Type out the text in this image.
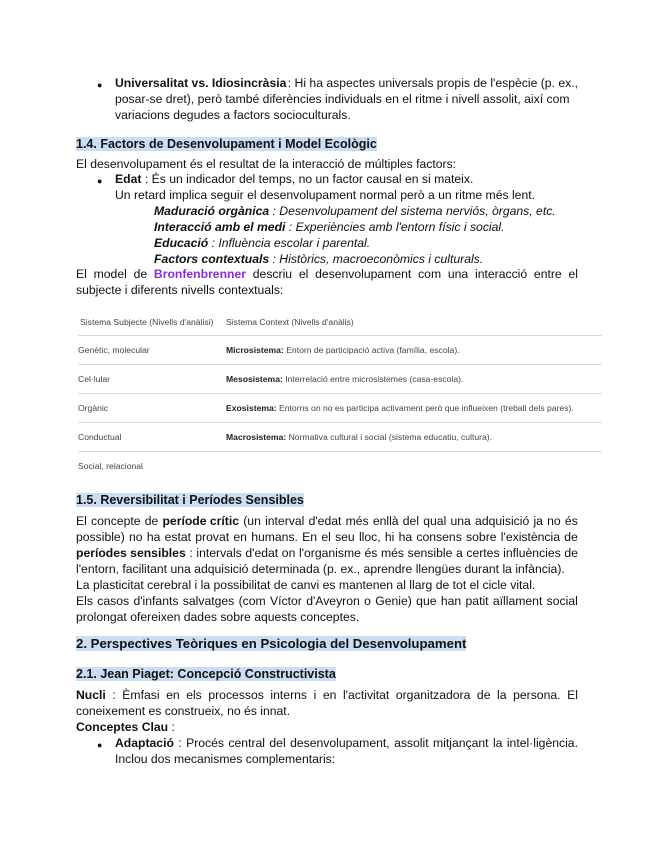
● Universalitat vs. Idiosincràsia : Hi ha aspectes universals propis de l'espècie (p. ex.,
posar-se dret), però també diferències individuals en el ritme i nivell assolit, així com
variacions degudes a factors socioculturals.
1.4. Factors de Desenvolupament i Model Ecològic
El desenvolupament és el resultat de la interacció de múltiples factors:
● Edat : És un indicador del temps, no un factor causal en si mateix.
Un retard implica seguir el desenvolupament normal però a un ritme més lent.
Maduració orgànica : Desenvolupament del sistema nerviós, òrgans, etc.
Interacció amb el medi : Experiències amb l'entorn físic i social.
Educació : Influència escolar i parental.
Factors contextuals : Històrics, macroeconòmics i culturals.
El model de Bronfenbrenner descriu el desenvolupament com una interacció entre el
subjecte i diferents nivells contextuals:
Sistema Subjecte (Nivells d'anàlisi) Sistema Context (Nivells d'anàlis)
Genètic, molecular	Microsistema: Entorn de participació activa (família, escola).
Cel·lular	Mesosistema: Interrelació entre microsistemes (casa-escola).
Orgànic	Exosistema: Entorns on no es participa activament però que influeixen (treball dels pares).
Conductual	Macrosistema: Normativa cultural i social (sistema educatiu, cultura).
Social, relacional
1.5. Reversibilitat i Períodes Sensibles
El concepte de període crític (un interval d'edat més enllà del qual una adquisició ja no és
possible) no ha estat provat en humans. En el seu lloc, hi ha consens sobre l'existència de
períodes sensibles : intervals d'edat on l'organisme és més sensible a certes influències de
l'entorn, facilitant una adquisició determinada (p. ex., aprendre llengües durant la infància).
La plasticitat cerebral i la possibilitat de canvi es mantenen al llarg de tot el cicle vital.
Els casos d'infants salvatges (com Víctor d'Aveyron o Genie) que han patit aïllament social
prolongat ofereixen dades sobre aquests conceptes.
2. Perspectives Teòriques en Psicologia del Desenvolupament
2.1. Jean Piaget: Concepció Constructivista
Nucli : Èmfasi en els processos interns i en l'activitat organitzadora de la persona. El
coneixement es construeix, no és innat.
Conceptes Clau :
● Adaptació : Procés central del desenvolupament, assolit mitjançant la intel·ligència.
Inclou dos mecanismes complementaris:
